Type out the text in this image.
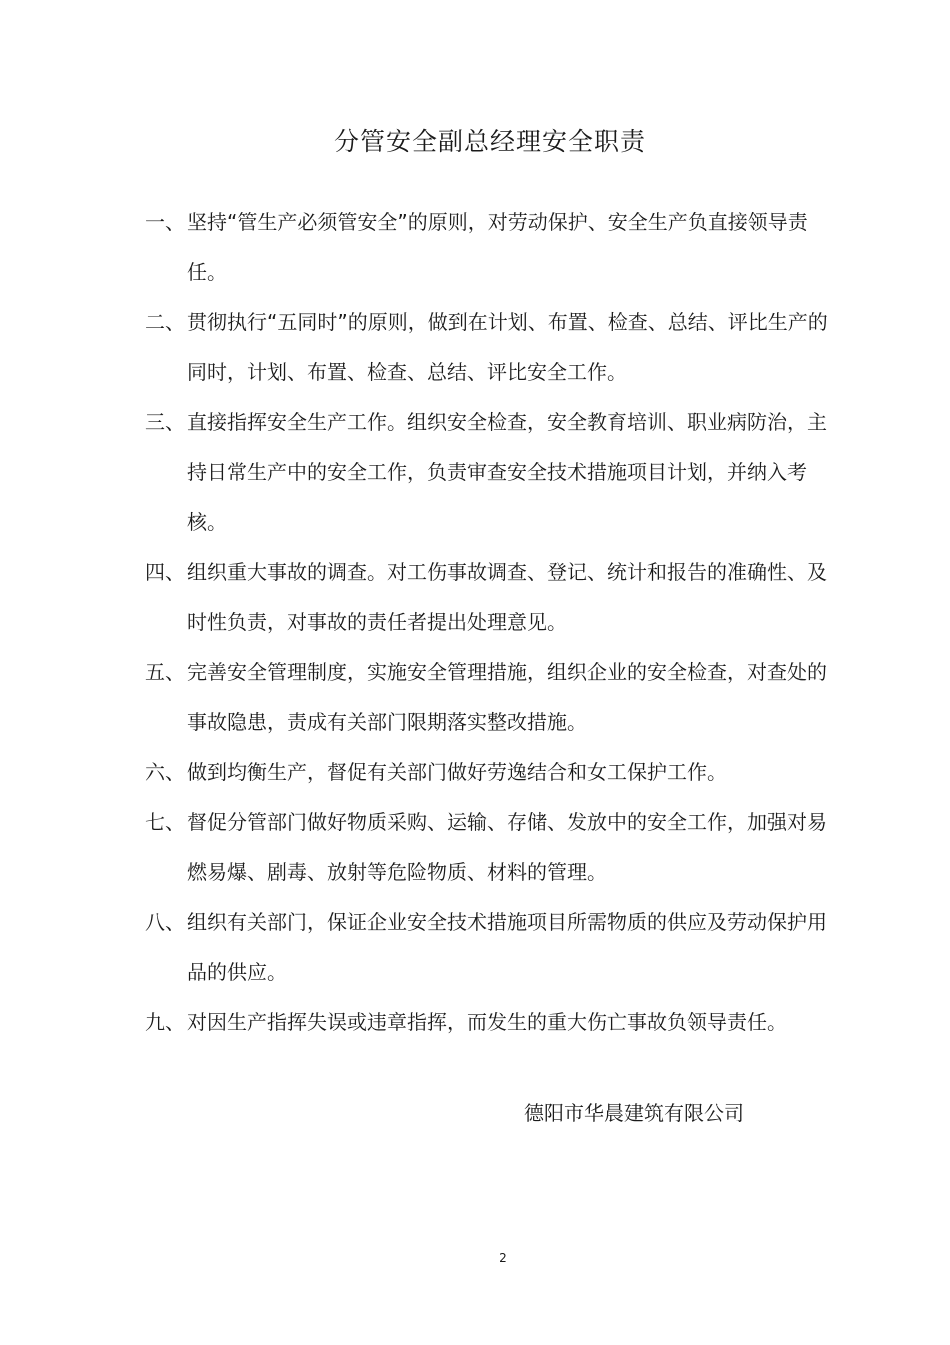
分管安全副总经理安全职责
一、 坚持“管生产必须管安全”的原则，对劳动保护、安全生产负直接领导责任。
二、 贯彻执行“五同时”的原则，做到在计划、布置、检查、总结、评比生产的同时，计划、布置、检查、总结、评比安全工作。
三、 直接指挥安全生产工作。组织安全检查，安全教育培训、职业病防治，主持日常生产中的安全工作，负责审查安全技术措施项目计划，并纳入考核。
四、 组织重大事故的调查。对工伤事故调查、登记、统计和报告的准确性、及时性负责，对事故的责任者提出处理意见。
五、 完善安全管理制度，实施安全管理措施，组织企业的安全检查，对查处的事故隐患，责成有关部门限期落实整改措施。
六、 做到均衡生产，督促有关部门做好劳逸结合和女工保护工作。
七、 督促分管部门做好物质采购、运输、存储、发放中的安全工作，加强对易燃易爆、剧毒、放射等危险物质、材料的管理。
八、 组织有关部门，保证企业安全技术措施项目所需物质的供应及劳动保护用品的供应。
九、 对因生产指挥失误或违章指挥，而发生的重大伤亡事故负领导责任。
德阳市华晨建筑有限公司
2
